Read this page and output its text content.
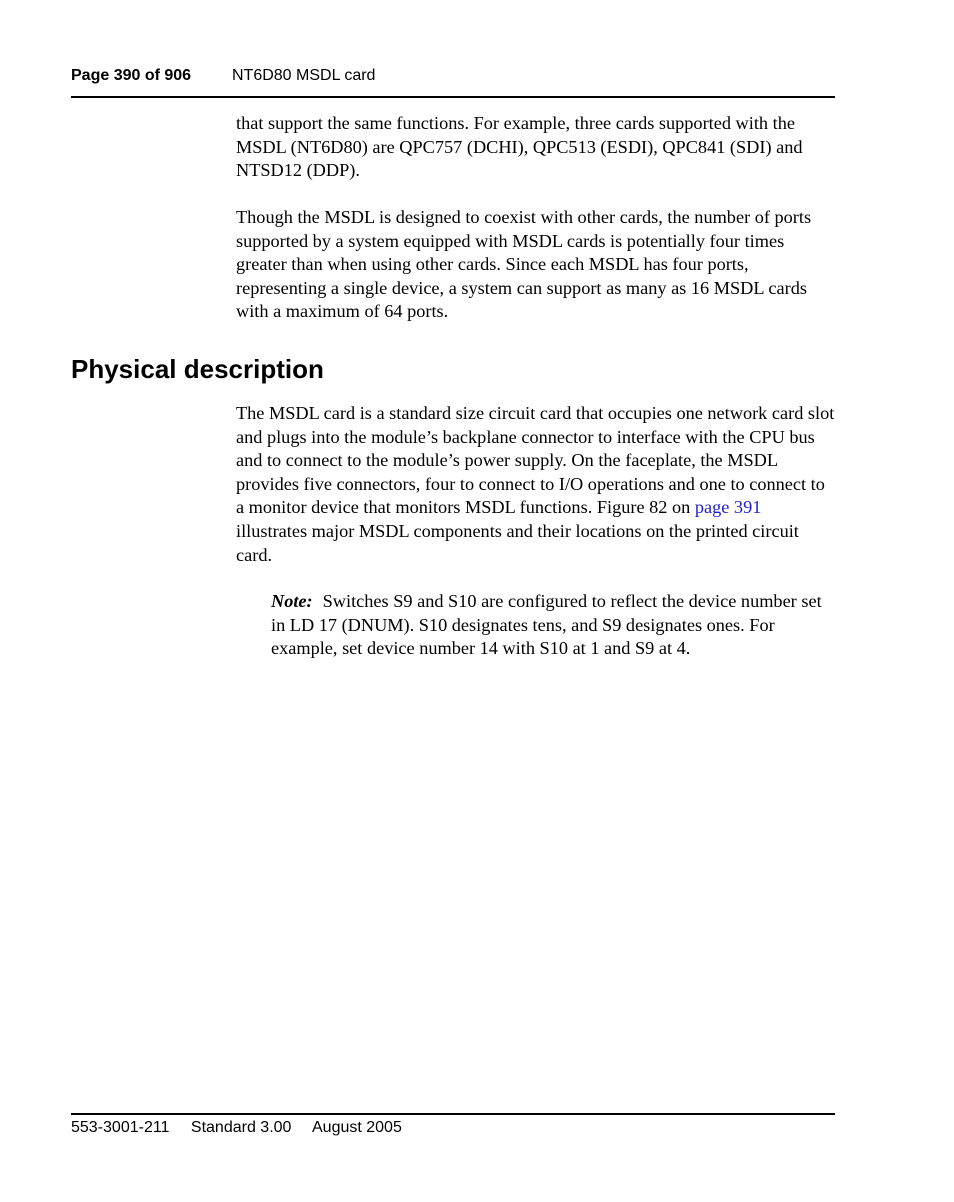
Page 390 of 906	NT6D80 MSDL card

that support the same functions. For example, three cards supported with the MSDL (NT6D80) are QPC757 (DCHI), QPC513 (ESDI), QPC841 (SDI) and NTSD12 (DDP).

Though the MSDL is designed to coexist with other cards, the number of ports supported by a system equipped with MSDL cards is potentially four times greater than when using other cards. Since each MSDL has four ports, representing a single device, a system can support as many as 16 MSDL cards with a maximum of 64 ports.

Physical description

The MSDL card is a standard size circuit card that occupies one network card slot and plugs into the module’s backplane connector to interface with the CPU bus and to connect to the module’s power supply. On the faceplate, the MSDL provides five connectors, four to connect to I/O operations and one to connect to a monitor device that monitors MSDL functions. Figure 82 on page 391 illustrates major MSDL components and their locations on the printed circuit card.

Note: Switches S9 and S10 are configured to reflect the device number set in LD 17 (DNUM). S10 designates tens, and S9 designates ones. For example, set device number 14 with S10 at 1 and S9 at 4.

553-3001-211 Standard 3.00 August 2005
